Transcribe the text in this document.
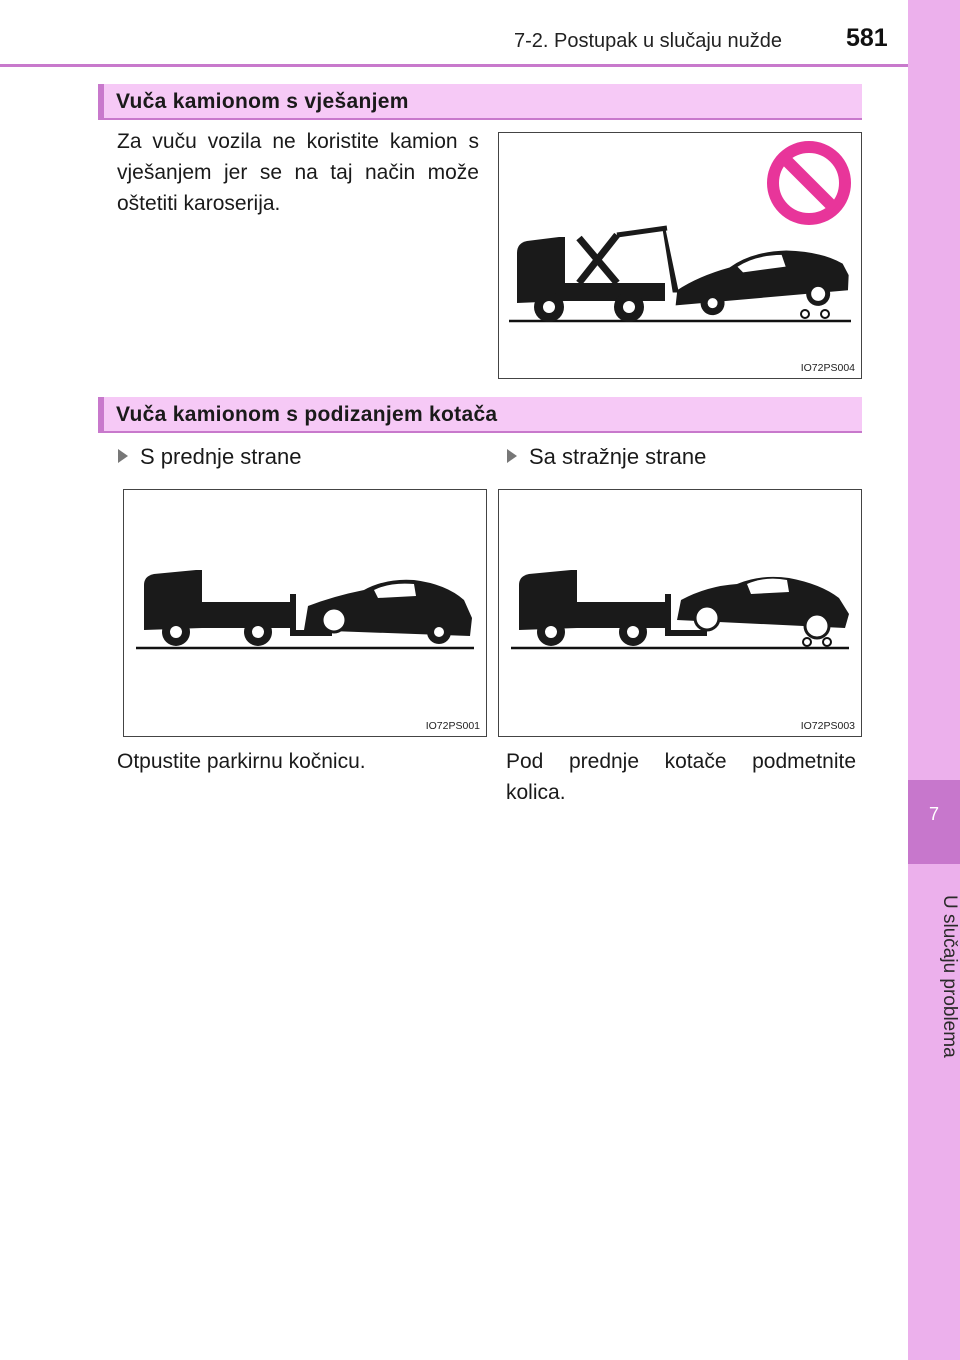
7-2. Postupak u slučaju nužde	581
7
U slučaju problema
Vuča kamionom s vješanjem
Za vuču vozila ne koristite kamion s vješanjem jer se na taj način može oštetiti karoserija.
IO72PS004
Vuča kamionom s podizanjem kotača
S prednje strane	Sa stražnje strane
IO72PS001	IO72PS003
Otpustite parkirnu kočnicu.	Pod prednje kotače podmetnite kolica.
